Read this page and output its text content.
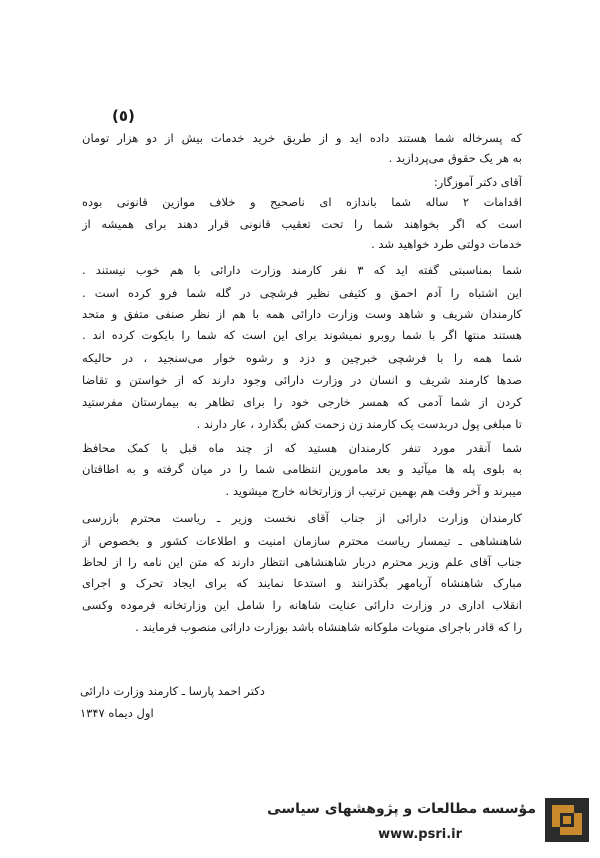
(٥)
که پسرخاله شما هستند داده اید و از طریق خرید خدمات بیش از دو هزار تومان
به هر یک حقوق می‌پردازید .
آقای دکتر آموزگار:
اقدامات ۲ ساله شما باندازه ای ناصحیح و خلاف موازین قانونی بوده
است که اگر بخواهند شما را تحت تعقیب قانونی قرار دهند برای همیشه از
خدمات دولتی طرد خواهید شد .
شما بمناسبتی گفته اید که ۳ نفر کارمند وزارت دارائی با هم خوب نیستند .
این اشتباه را آدم احمق و کثیفی نظیر فرشچی در گله شما فرو کرده است .
کارمندان شریف و شاهد وست وزارت دارائی همه با هم از نظر صنفی متفق و متحد
هستند منتها اگر با شما روبرو نمیشوند برای این است که شما را بایکوت کرده اند .
شما همه را با فرشچی خبرچین و دزد و رشوه خوار می‌سنجید ، در حالیکه
صدها کارمند شریف و انسان در وزارت دارائی وجود دارند که از خواستن و تقاضا
کردن از شما آدمی که همسر خارجی خود را برای تظاهر به بیمارستان مفرستید
تا مبلغی پول دربدست یک کارمند زن زحمت کش بگذارد ، عار دارند .
شما آنقدر مورد تنفر کارمندان هستید که از چند ماه قبل با کمک محافظ
به بلوی پله ها میآئید و بعد مامورین انتظامی شما را در میان گرفته و به اطاقتان
میبرند و آخر وقت هم بهمین ترتیب از وزارتخانه خارج میشوید .
کارمندان وزارت دارائی از جناب آقای نخست وزیر ـ ریاست محترم بازرسی
شاهنشاهی ـ تیمسار ریاست محترم سازمان امنیت و اطلاعات کشور و بخصوص از
جناب آقای علم وزیر محترم دربار شاهنشاهی انتظار دارند که متن این نامه را از لحاظ
مبارک شاهنشاه آریامهر بگذرانند و استدعا نمایند که برای ایجاد تحرک و اجرای
انقلاب اداری در وزارت دارائی عنایت شاهانه را شامل این وزارتخانه فرموده وکسی
را که قادر باجرای منویات ملوکانه شاهنشاه باشد بوزارت دارائی منصوب فرمایند .
دکتر احمد پارسا ـ کارمند وزارت دارائی
اول دیماه ۱۳۴۷
مؤسسه مطالعات و پژوهشهای سیاسی
www.psri.ir
